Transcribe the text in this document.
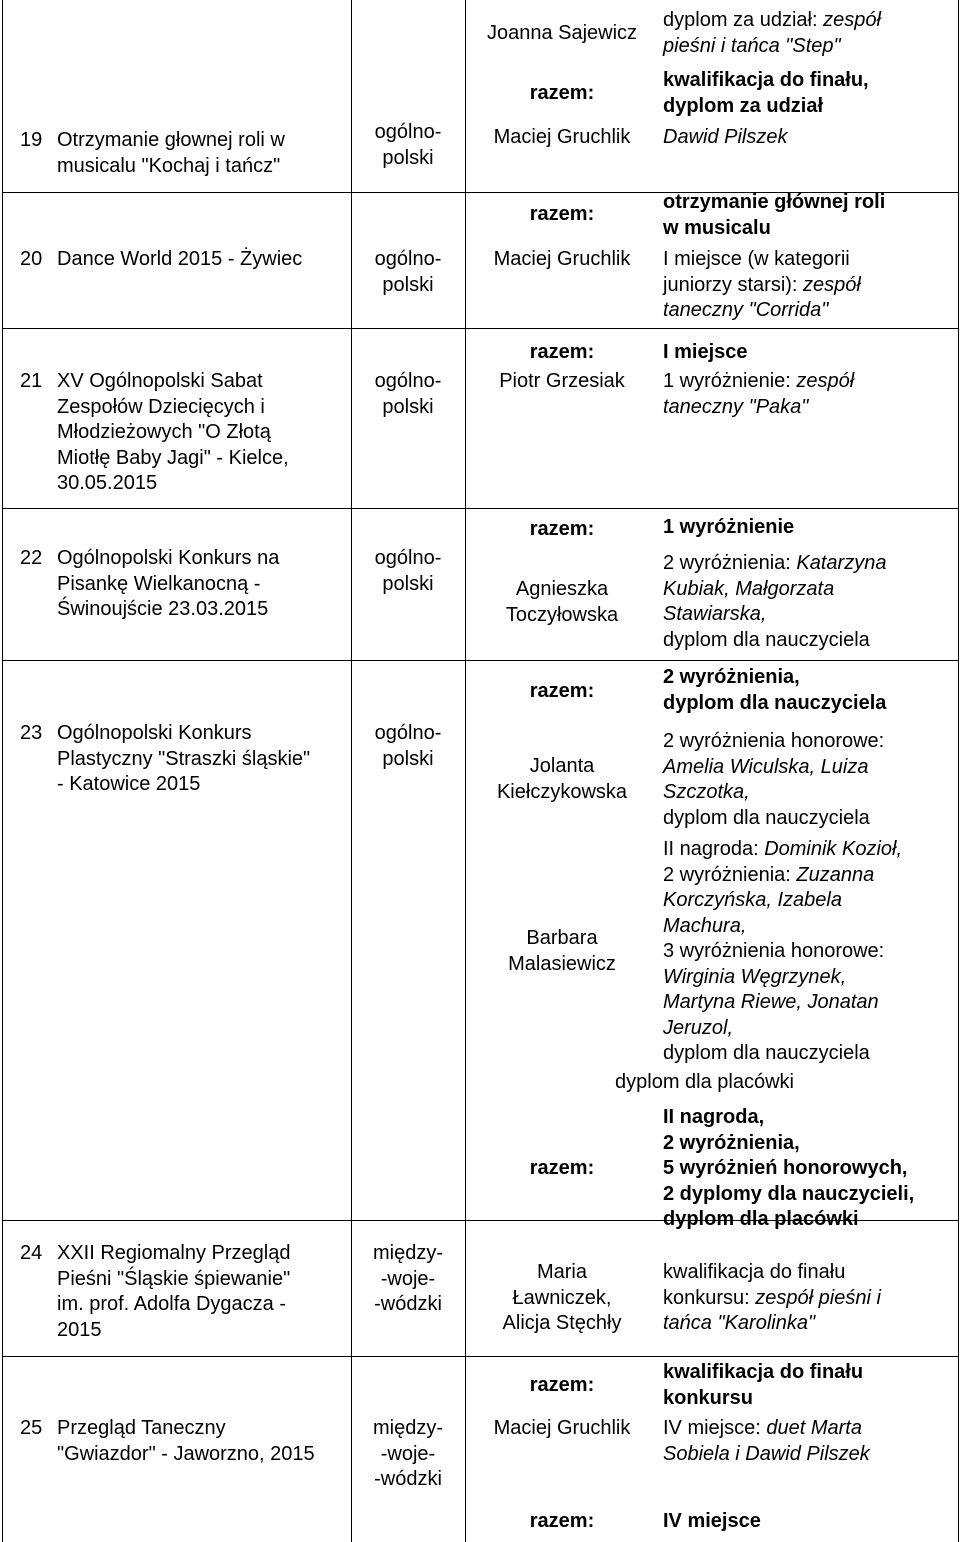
19 Otrzymanie głownej roli w
musicalu "Kochaj i tańcz"
ogólno-
polski
20 Dance World 2015 - Żywiec	ogólno-
polski
21 XV Ogólnopolski Sabat
Zespołów Dziecięcych i
Młodzieżowych "O Złotą
Miotłę Baby Jagi" - Kielce,
30.05.2015
ogólno-
polski
22 Ogólnopolski Konkurs na
Pisankę Wielkanocną -
Świnoujście 23.03.2015
ogólno-
polski
23 Ogólnopolski Konkurs
Plastyczny "Straszki śląskie"
- Katowice 2015
ogólno-
polski
24 XXII Regiomalny Przegląd
Pieśni "Śląskie śpiewanie"
im. prof. Adolfa Dygacza -
2015
między-
-woje-
-wódzki
25 Przegląd Taneczny
"Gwiazdor" - Jaworzno, 2015
między-
-woje-
-wódzki
Joanna Sajewicz
razem:
Maciej Gruchlik
razem:
Maciej Gruchlik
razem:
Piotr Grzesiak
razem:
Agnieszka
Toczyłowska
razem:
Jolanta
Kiełczykowska
Barbara
Malasiewicz
razem:
Maria
Ławniczek,
Alicja Stęchły
razem:
Maciej Gruchlik
razem:
dyplom za udział: zespół
pieśni i tańca "Step"
kwalifikacja do finału,
dyplom za udział
Dawid Pilszek
otrzymanie głównej roli
w musicalu
I miejsce (w kategorii
juniorzy starsi): zespół
taneczny "Corrida"
I miejsce
1 wyróżnienie: zespół
taneczny "Paka"
1 wyróżnienie
2 wyróżnienia: Katarzyna
Kubiak, Małgorzata
Stawiarska,
dyplom dla nauczyciela
2 wyróżnienia,
dyplom dla nauczyciela
2 wyróżnienia honorowe:
Amelia Wiculska, Luiza
Szczotka,
dyplom dla nauczyciela
II nagroda: Dominik Kozioł,
2 wyróżnienia: Zuzanna
Korczyńska, Izabela
Machura,
3 wyróżnienia honorowe:
Wirginia Węgrzynek,
Martyna Riewe, Jonatan
Jeruzol,
dyplom dla nauczyciela
dyplom dla placówki
II nagroda,
2 wyróżnienia,
5 wyróżnień honorowych,
2 dyplomy dla nauczycieli,
dyplom dla placówki
kwalifikacja do finału
konkursu: zespół pieśni i
tańca "Karolinka"
kwalifikacja do finału
konkursu
IV miejsce: duet Marta
Sobiela i Dawid Pilszek
IV miejsce
